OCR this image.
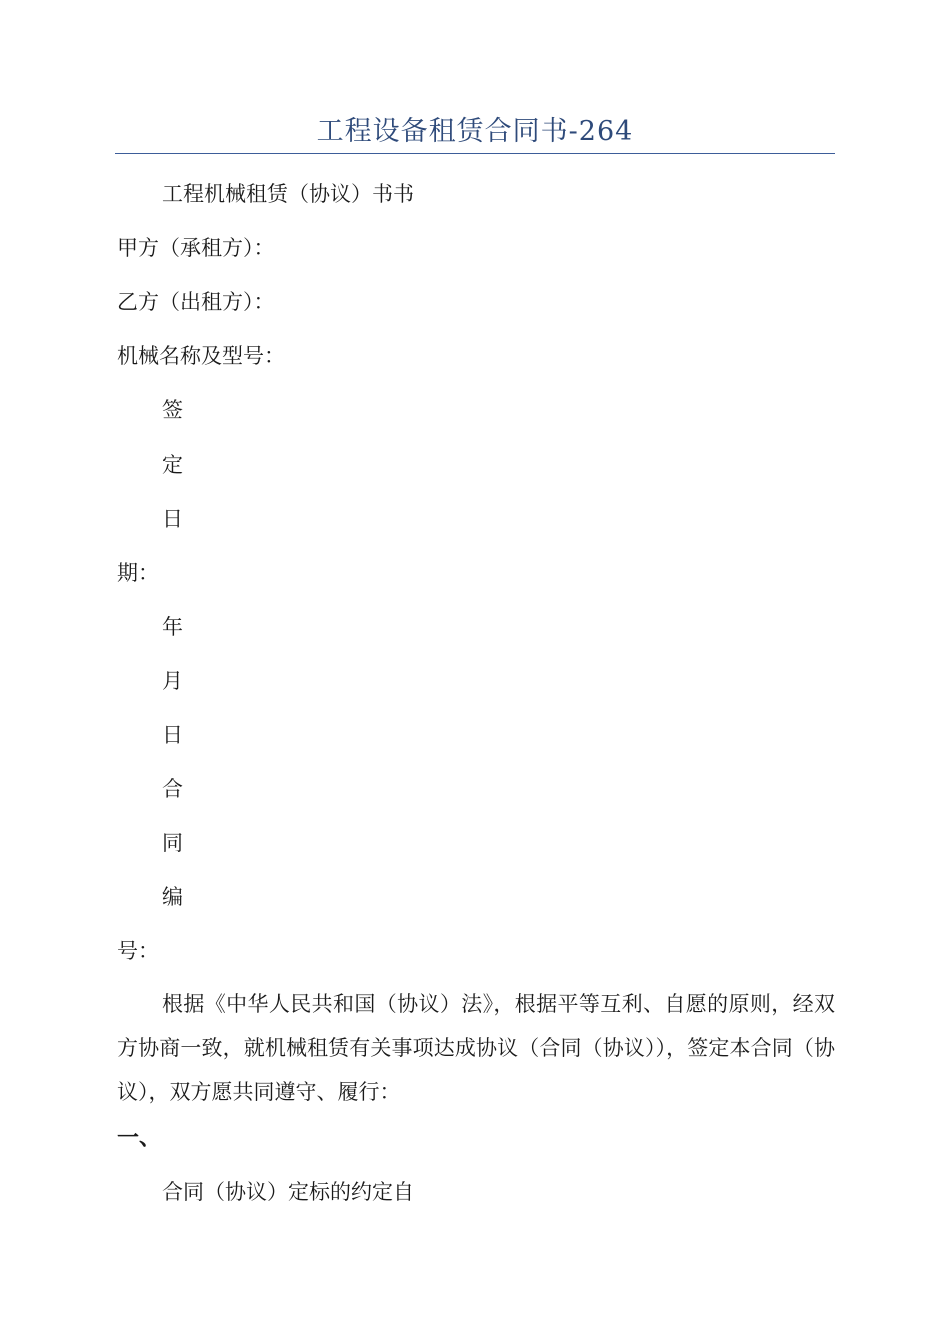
工程设备租赁合同书-264
工程机械租赁（协议）书书
甲方（承租方）：
乙方（出租方）：
机械名称及型号：
签
定
日
期：
年
月
日
合
同
编
号：
根据《中华人民共和国（协议）法》，根据平等互利、自愿的原则，经双方协商一致，就机械租赁有关事项达成协议（合同（协议）），签定本合同（协议），双方愿共同遵守、履行：
一、
合同（协议）定标的约定自
